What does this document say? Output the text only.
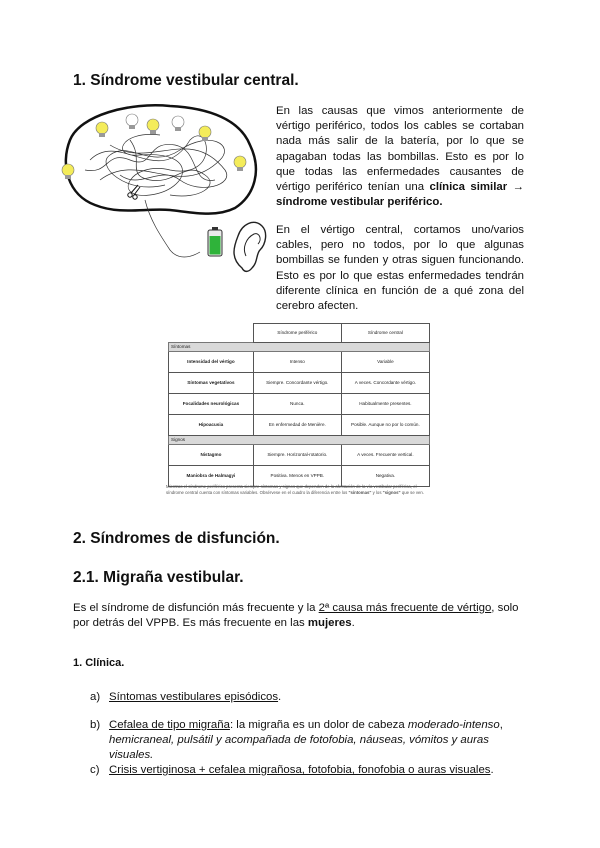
1. Síndrome vestibular central.

En las causas que vimos anteriormente de vértigo periférico, todos los cables se cortaban nada más salir de la batería, por lo que se apagaban todas las bombillas. Esto es por lo que todas las enfermedades causantes de vértigo periférico tenían una clínica similar → síndrome vestibular periférico.

En el vértigo central, cortamos uno/varios cables, pero no todos, por lo que algunas bombillas se funden y otras siguen funcionando. Esto es por lo que estas enfermedades tendrán diferente clínica en función de a qué zona del cerebro afecten.

	Síndrome periférico	Síndrome central
Síntomas		
Intensidad del vértigo	Intenso	Variable
Síntomas vegetativos	Siempre. Concordante vértigo.	A veces. Concordante vértigo.
Focalidades neurológicas	Nunca.	Habitualmente presentes.
Hipoacusia	En enfermedad de Menière.	Posible. Aunque no por lo común.
Signos		
Nistagmo	Siempre. Horizontal-rotatorio.	A veces. Frecuente vertical.
Maniobra de Halmagyi	Positiva. Menos en VPPB.	Negativa.

Mientras el síndrome periférico presenta siempre síntomas y signos que dependen de la afectación de la vía vestibular periférica, el síndrome central cuenta con síntomas variables. Obsérvese en el cuadro la diferencia entre los "síntomas" y los "signos" que se ven.

2. Síndromes de disfunción.
2.1. Migraña vestibular.

Es el síndrome de disfunción más frecuente y la 2ª causa más frecuente de vértigo, solo por detrás del VPPB. Es más frecuente en las mujeres.

1. Clínica.
a) Síntomas vestibulares episódicos.
b) Cefalea de tipo migraña: la migraña es un dolor de cabeza moderado-intenso, hemicraneal, pulsátil y acompañada de fotofobia, náuseas, vómitos y auras visuales.
c) Crisis vertiginosa + cefalea migrañosa, fotofobia, fonofobia o auras visuales.
